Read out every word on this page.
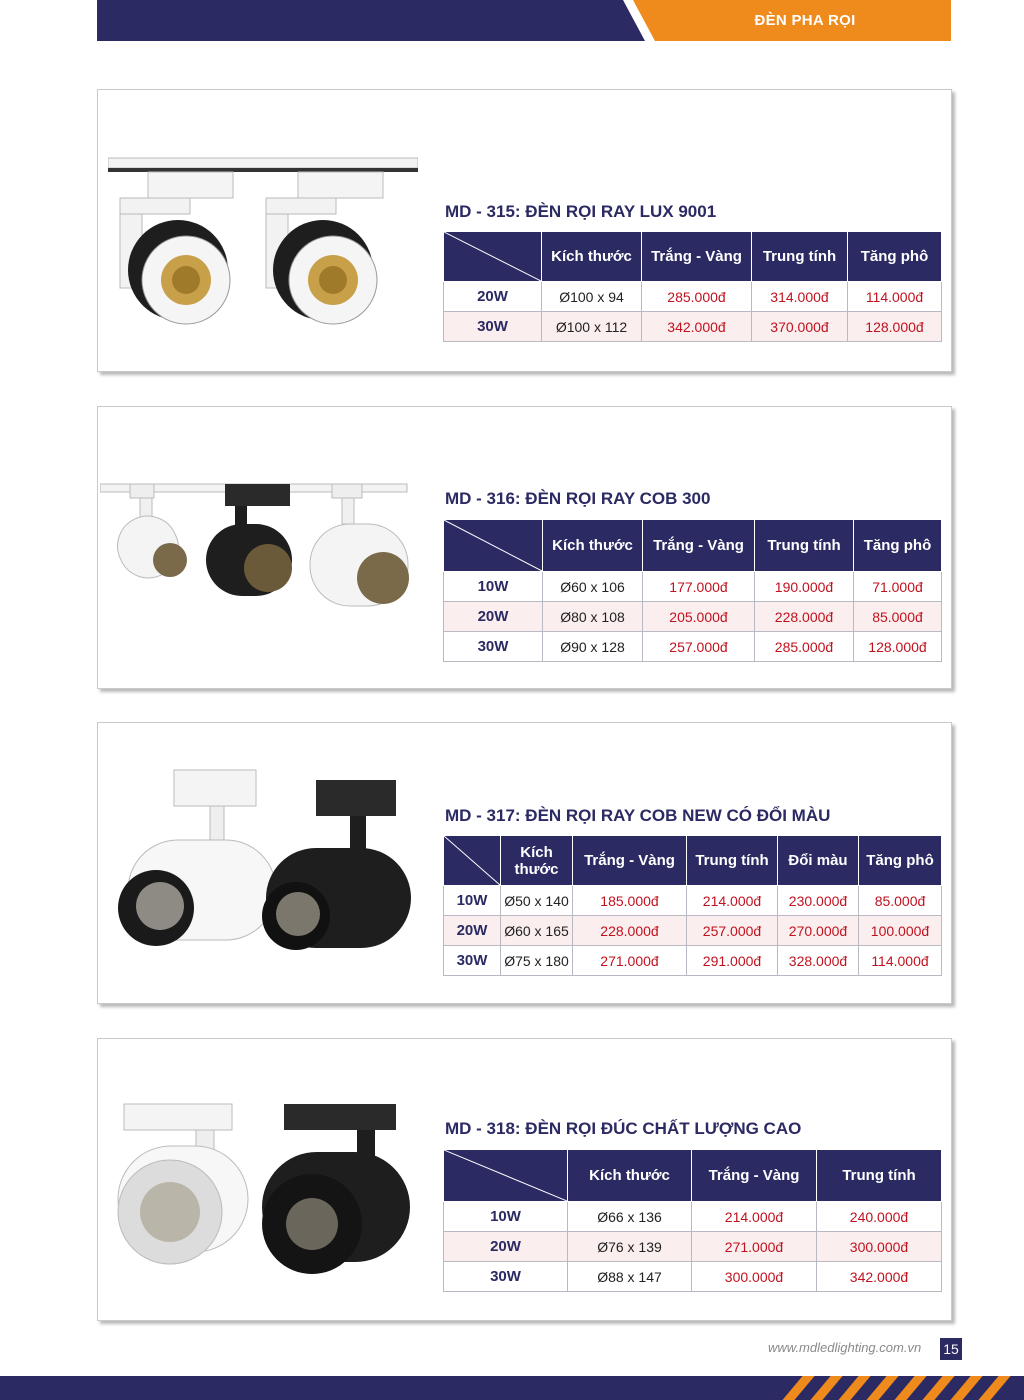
ĐÈN PHA RỌI
MD - 315: ĐÈN RỌI RAY LUX 9001
	Kích thước	Trắng - Vàng	Trung tính	Tăng phô
20W	Ø100 x 94	285.000đ	314.000đ	114.000đ
30W	Ø100 x 112	342.000đ	370.000đ	128.000đ
MD - 316: ĐÈN RỌI RAY COB 300
	Kích thước	Trắng - Vàng	Trung tính	Tăng phô
10W	Ø60 x 106	177.000đ	190.000đ	71.000đ
20W	Ø80 x 108	205.000đ	228.000đ	85.000đ
30W	Ø90 x 128	257.000đ	285.000đ	128.000đ
MD - 317: ĐÈN RỌI RAY COB NEW CÓ ĐỔI MÀU
	Kích thước	Trắng - Vàng	Trung tính	Đổi màu	Tăng phô
10W	Ø50 x 140	185.000đ	214.000đ	230.000đ	85.000đ
20W	Ø60 x 165	228.000đ	257.000đ	270.000đ	100.000đ
30W	Ø75 x 180	271.000đ	291.000đ	328.000đ	114.000đ
MD - 318: ĐÈN RỌI ĐÚC CHẤT LƯỢNG CAO
	Kích thước	Trắng - Vàng	Trung tính
10W	Ø66 x 136	214.000đ	240.000đ
20W	Ø76 x 139	271.000đ	300.000đ
30W	Ø88 x 147	300.000đ	342.000đ
www.mdledlighting.com.vn 15
